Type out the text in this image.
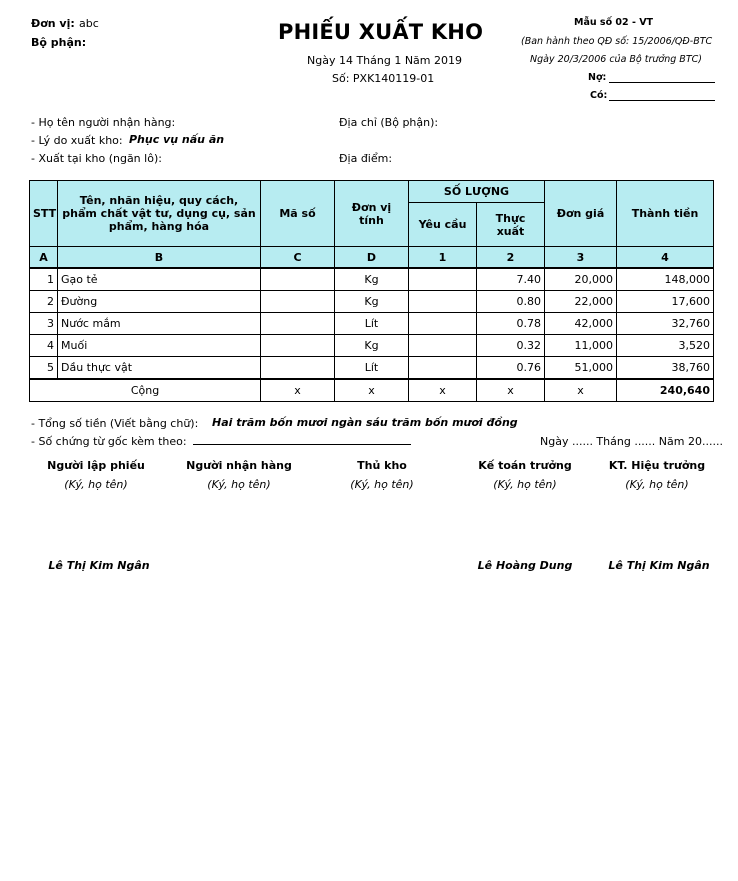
Đơn vị: abc
Bộ phận:	PHIẾU XUẤT KHO
Ngày 14 Tháng 1 Năm 2019
Số: PXK140119-01
Mẫu số 02 - VT
(Ban hành theo QĐ số: 15/2006/QĐ-BTC
Ngày 20/3/2006 của Bộ trưởng BTC)
Nợ:
Có:
- Họ tên người nhận hàng:	Địa chỉ (Bộ phận):
- Lý do xuất kho: Phục vụ nấu ăn
- Xuất tại kho (ngăn lô):	Địa điểm:
STT	Tên, nhãn hiệu, quy cách, phẩm chất vật tư, dụng cụ, sản phẩm, hàng hóa	Mã số	Đơn vị tính	SỐ LƯỢNG		Đơn giá	Thành tiền
				Yêu cầu	Thực xuất		
A	B	C	D	1	2	3	4
1	Gạo tẻ		Kg		7.40	20,000	148,000
2	Đường		Kg		0.80	22,000	17,600
3	Nước mắm		Lít		0.78	42,000	32,760
4	Muối		Kg		0.32	11,000	3,520
5	Dầu thực vật		Lít		0.76	51,000	38,760
Cộng		x	x	x	x	x	240,640
- Tổng số tiền (Viết bằng chữ): Hai trăm bốn mươi ngàn sáu trăm bốn mươi đồng
- Số chứng từ gốc kèm theo:	Ngày ...... Tháng ...... Năm 20......
Người lập phiếu
(Ký, họ tên)
Lê Thị Kim Ngân
Người nhận hàng
(Ký, họ tên)
Thủ kho
(Ký, họ tên)
Kế toán trưởng
(Ký, họ tên)
Lê Hoàng Dung
KT. Hiệu trưởng
(Ký, họ tên)
Lê Thị Kim Ngân
